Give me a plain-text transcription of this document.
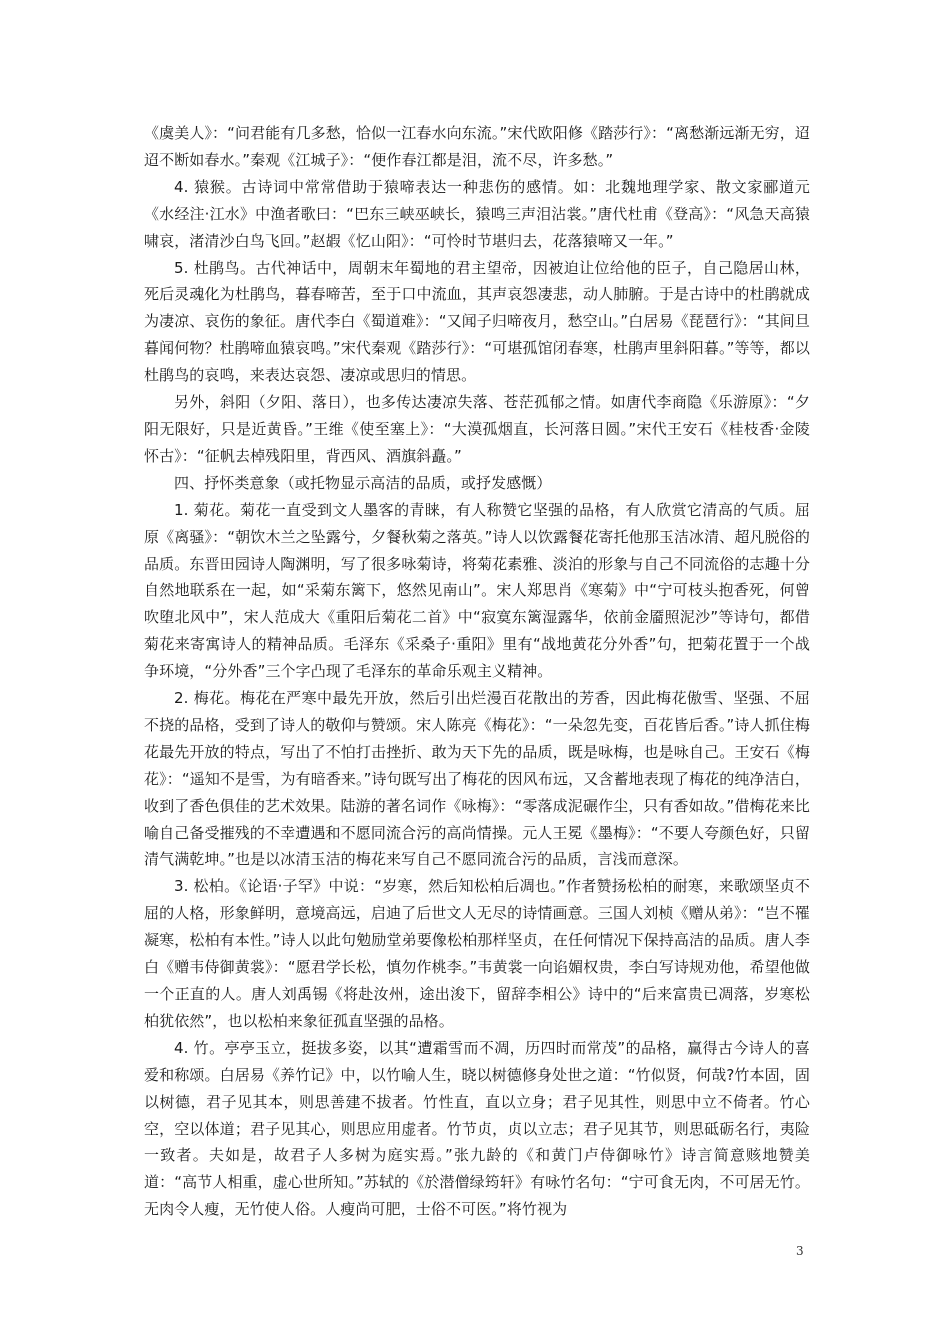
《虞美人》：“问君能有几多愁，恰似一江春水向东流。”宋代欧阳修《踏莎行》：“离愁渐远渐无穷，迢迢不断如春水。”秦观《江城子》：“便作春江都是泪，流不尽，许多愁。”

4. 猿猴。古诗词中常常借助于猿啼表达一种悲伤的感情。如：北魏地理学家、散文家郦道元《水经注·江水》中渔者歌曰：“巴东三峡巫峡长，猿鸣三声泪沾裳。”唐代杜甫《登高》：“风急天高猿啸哀，渚清沙白鸟飞回。”赵嘏《忆山阳》：“可怜时节堪归去，花落猿啼又一年。”

5. 杜鹃鸟。古代神话中，周朝末年蜀地的君主望帝，因被迫让位给他的臣子，自己隐居山林，死后灵魂化为杜鹃鸟，暮春啼苦，至于口中流血，其声哀怨凄悲，动人肺腑。于是古诗中的杜鹃就成为凄凉、哀伤的象征。唐代李白《蜀道难》：“又闻子归啼夜月，愁空山。”白居易《琵琶行》：“其间旦暮闻何物？杜鹃啼血猿哀鸣。”宋代秦观《踏莎行》：“可堪孤馆闭春寒，杜鹃声里斜阳暮。”等等，都以杜鹃鸟的哀鸣，来表达哀怨、凄凉或思归的情思。

另外，斜阳（夕阳、落日），也多传达凄凉失落、苍茫孤郁之情。如唐代李商隐《乐游原》：“夕阳无限好，只是近黄昏。”王维《使至塞上》：“大漠孤烟直，长河落日圆。”宋代王安石《桂枝香·金陵怀古》：“征帆去棹残阳里，背西风、酒旗斜矗。”

四、抒怀类意象（或托物显示高洁的品质，或抒发感慨）

1. 菊花。菊花一直受到文人墨客的青睐，有人称赞它坚强的品格，有人欣赏它清高的气质。屈原《离骚》：“朝饮木兰之坠露兮，夕餐秋菊之落英。”诗人以饮露餐花寄托他那玉洁冰清、超凡脱俗的品质。东晋田园诗人陶渊明，写了很多咏菊诗，将菊花素雅、淡泊的形象与自己不同流俗的志趣十分自然地联系在一起，如“采菊东篱下，悠然见南山”。宋人郑思肖《寒菊》中“宁可枝头抱香死，何曾吹堕北风中”，宋人范成大《重阳后菊花二首》中“寂寞东篱湿露华，依前金靥照泥沙”等诗句，都借菊花来寄寓诗人的精神品质。毛泽东《采桑子·重阳》里有“战地黄花分外香”句，把菊花置于一个战争环境，“分外香”三个字凸现了毛泽东的革命乐观主义精神。

2. 梅花。梅花在严寒中最先开放，然后引出烂漫百花散出的芳香，因此梅花傲雪、坚强、不屈不挠的品格，受到了诗人的敬仰与赞颂。宋人陈亮《梅花》：“一朵忽先变，百花皆后香。”诗人抓住梅花最先开放的特点，写出了不怕打击挫折、敢为天下先的品质，既是咏梅，也是咏自己。王安石《梅花》：“遥知不是雪，为有暗香来。”诗句既写出了梅花的因风布远，又含蓄地表现了梅花的纯净洁白，收到了香色俱佳的艺术效果。陆游的著名词作《咏梅》：“零落成泥碾作尘，只有香如故。”借梅花来比喻自己备受摧残的不幸遭遇和不愿同流合污的高尚情操。元人王冕《墨梅》：“不要人夸颜色好，只留清气满乾坤。”也是以冰清玉洁的梅花来写自己不愿同流合污的品质，言浅而意深。

3. 松柏。《论语·子罕》中说：“岁寒，然后知松柏后凋也。”作者赞扬松柏的耐寒，来歌颂坚贞不屈的人格，形象鲜明，意境高远，启迪了后世文人无尽的诗情画意。三国人刘桢《赠从弟》：“岂不罹凝寒，松柏有本性。”诗人以此句勉励堂弟要像松柏那样坚贞，在任何情况下保持高洁的品质。唐人李白《赠韦侍御黄裳》：“愿君学长松，慎勿作桃李。”韦黄裳一向谄媚权贵，李白写诗规劝他，希望他做一个正直的人。唐人刘禹锡《将赴汝州，途出浚下，留辞李相公》诗中的“后来富贵已凋落，岁寒松柏犹依然”，也以松柏来象征孤直坚强的品格。

4. 竹。亭亭玉立，挺拔多姿，以其“遭霜雪而不凋，历四时而常茂”的品格，赢得古今诗人的喜爱和称颂。白居易《养竹记》中，以竹喻人生，晓以树德修身处世之道：“竹似贤，何哉?竹本固，固以树德，君子见其本，则思善建不拔者。竹性直，直以立身；君子见其性，则思中立不倚者。竹心空，空以体道；君子见其心，则思应用虚者。竹节贞，贞以立志；君子见其节，则思砥砺名行，夷险一致者。夫如是，故君子人多树为庭实焉。”张九龄的《和黄门卢侍御咏竹》诗言简意赅地赞美道：“高节人相重，虚心世所知。”苏轼的《於潜僧绿筠轩》有咏竹名句：“宁可食无肉，不可居无竹。无肉令人瘦，无竹使人俗。人瘦尚可肥，士俗不可医。”将竹视为

3
